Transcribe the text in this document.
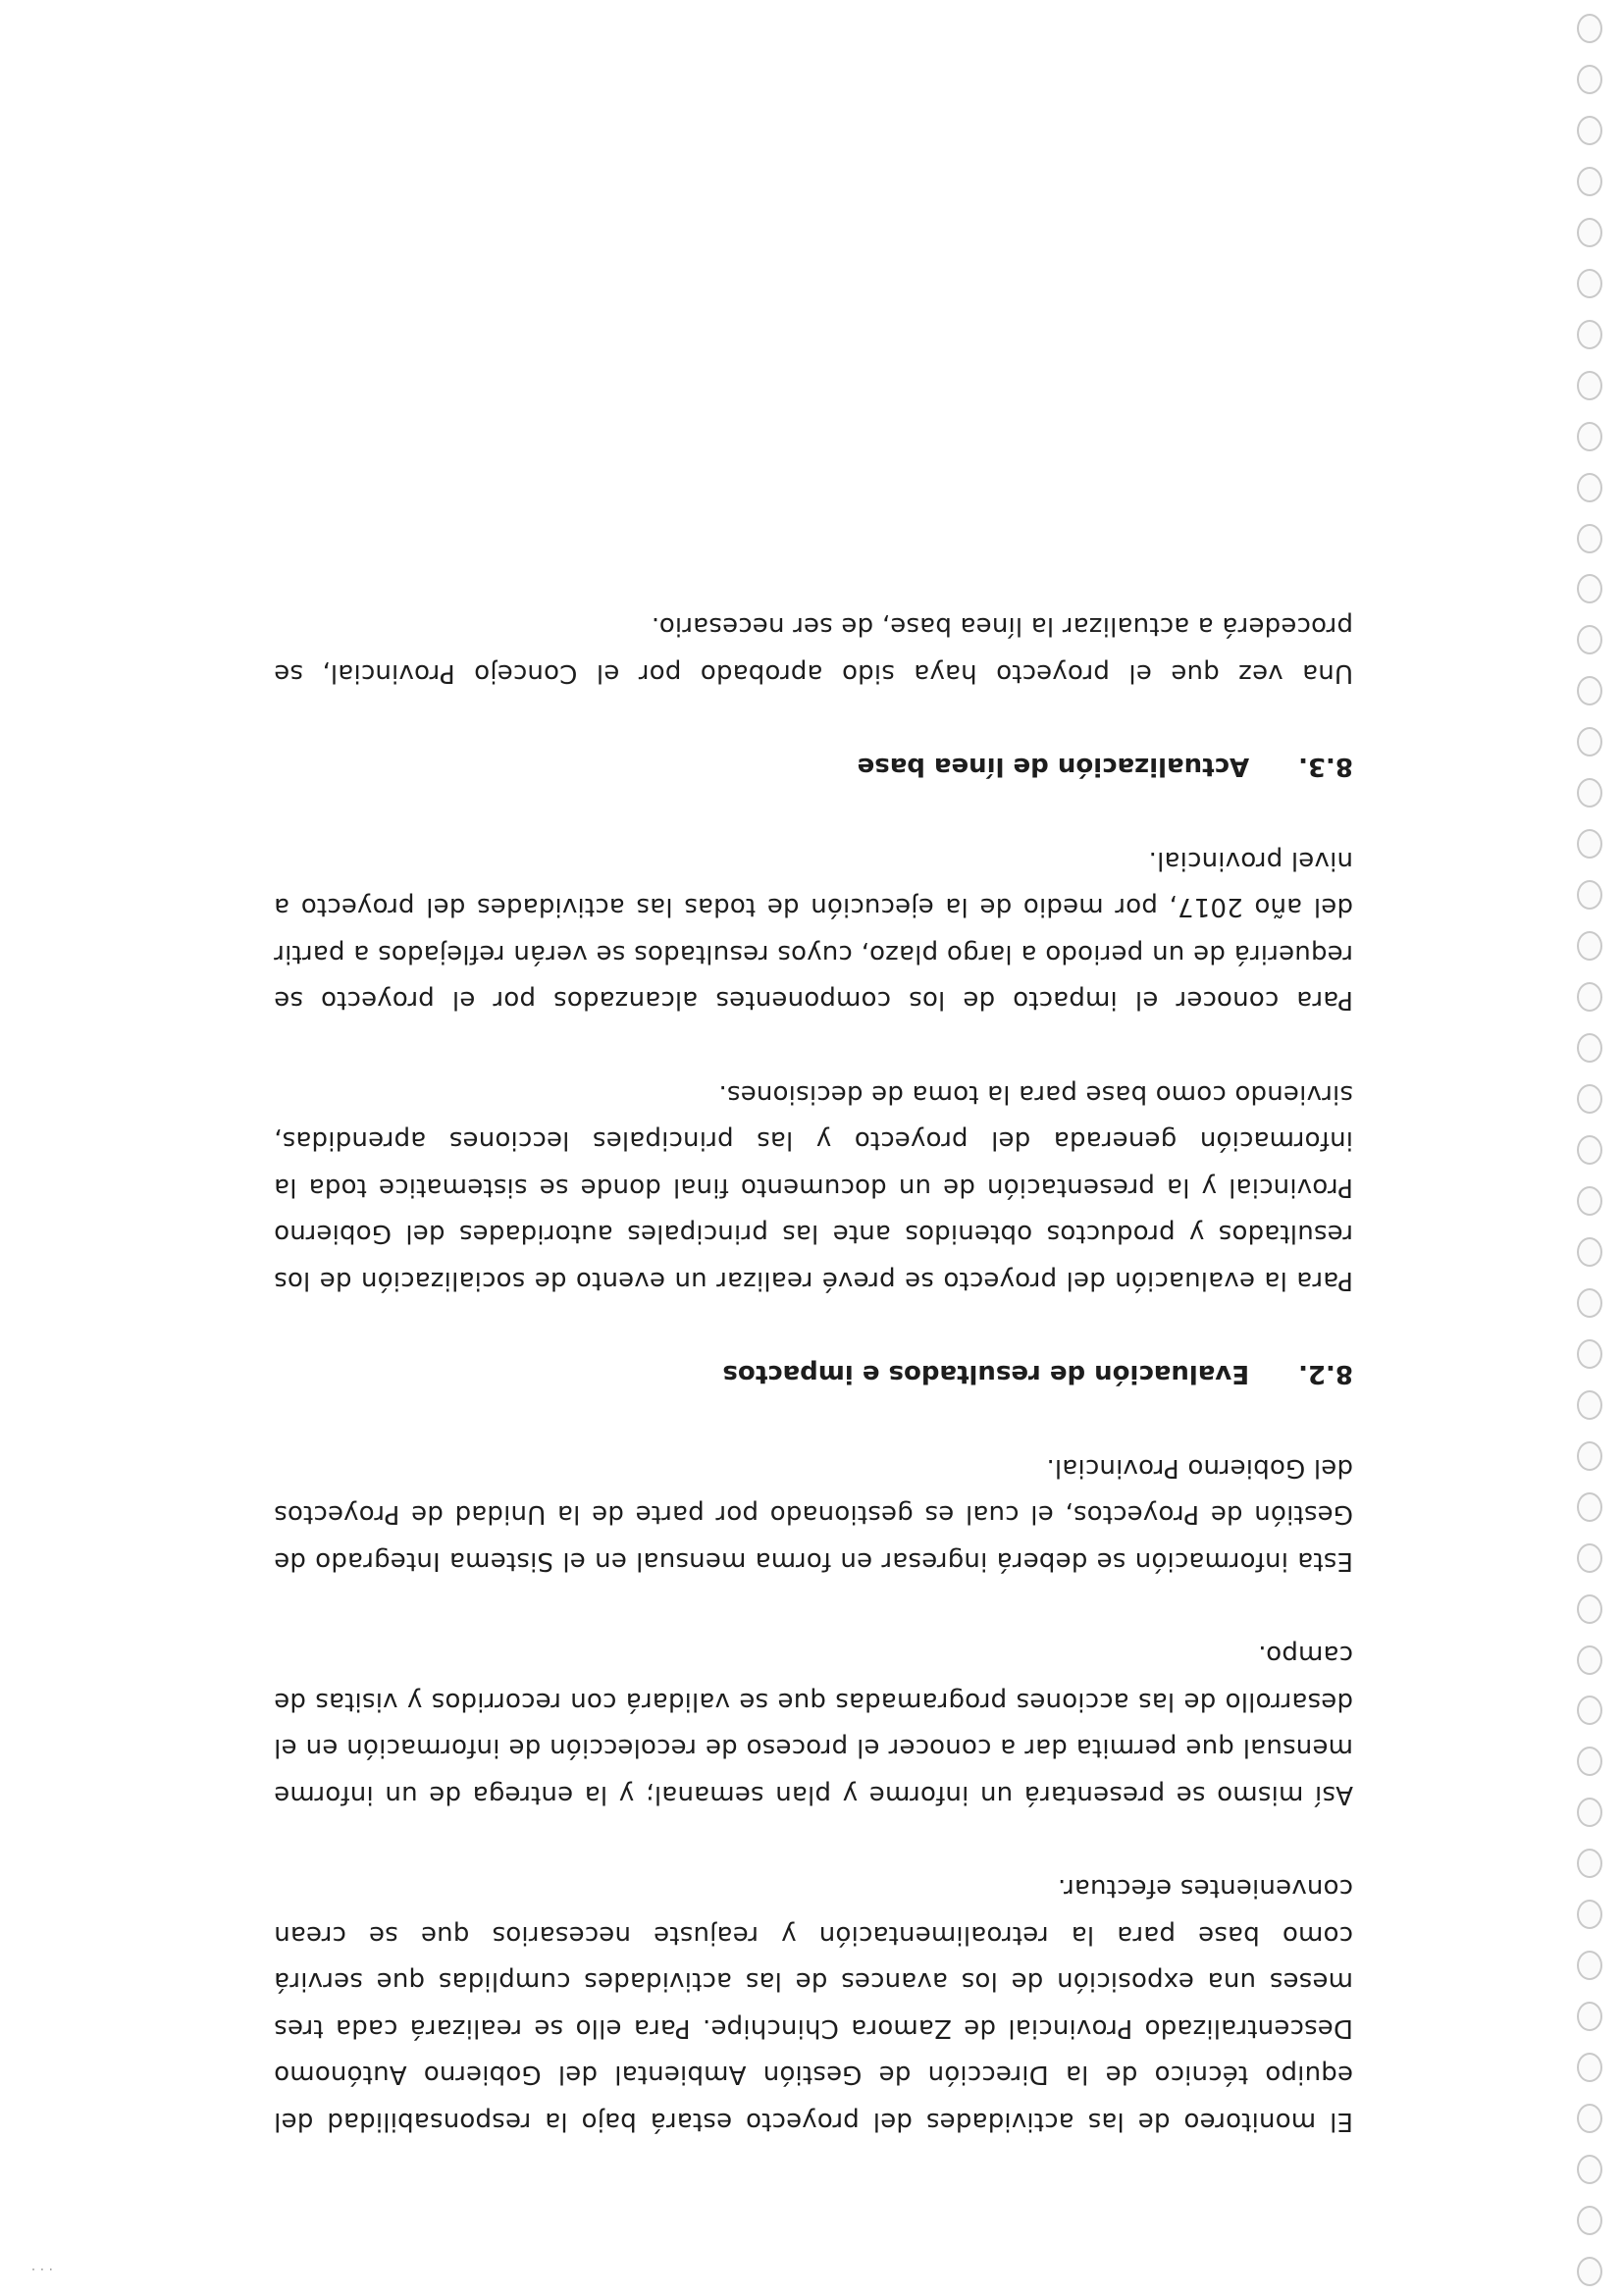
· · ·

El monitoreo de las actividades del proyecto estará bajo la responsabilidad del equipo técnico de la Dirección de Gestión Ambiental del Gobierno Autónomo Descentralizado Provincial de Zamora Chinchipe. Para ello se realizará cada tres meses una exposición de los avances de las actividades cumplidas que servirá como base para la retroalimentación y reajuste necesarios que se crean convenientes efectuar.

Así mismo se presentará un informe y plan semanal; y la entrega de un informe mensual que permita dar a conocer el proceso de recolección de información en el desarrollo de las acciones programadas que se validará con recorridos y visitas de campo.

Esta información se deberá ingresar en forma mensual en el Sistema Integrado de Gestión de Proyectos, el cual es gestionado por parte de la Unidad de Proyectos del Gobierno Provincial.

8.2.
Evaluación de resultados e impactos

Para la evaluación del proyecto se prevé realizar un evento de socialización de los resultados y productos obtenidos ante las principales autoridades del Gobierno Provincial y la presentación de un documento final donde se sistematice toda la información generada del proyecto y las principales lecciones aprendidas, sirviendo como base para la toma de decisiones.

Para conocer el impacto de los componentes alcanzados por el proyecto se requerirá de un periodo a largo plazo, cuyos resultados se verán reflejados a partir del año 2017, por medio de la ejecución de todas las actividades del proyecto a nivel provincial.

8.3.
Actualización de línea base

Una vez que el proyecto haya sido aprobado por el Concejo Provincial, se procederá a actualizar la línea base, de ser necesario.
